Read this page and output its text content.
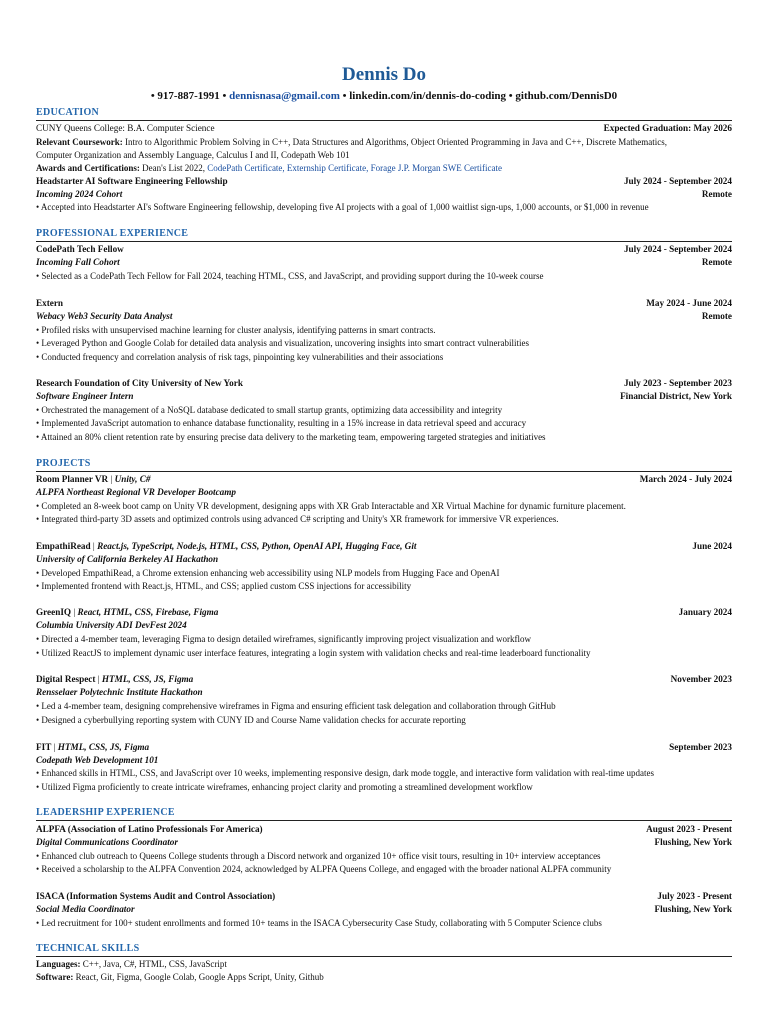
Dennis Do
• 917-887-1991 • dennisnasa@gmail.com • linkedin.com/in/dennis-do-coding • github.com/DennisD0
EDUCATION
CUNY Queens College: B.A. Computer Science	Expected Graduation: May 2026
Relevant Coursework: Intro to Algorithmic Problem Solving in C++, Data Structures and Algorithms, Object Oriented Programming in Java and C++, Discrete Mathematics,
Computer Organization and Assembly Language, Calculus I and II, Codepath Web 101
Awards and Certifications: Dean's List 2022, CodePath Certificate, Externship Certificate, Forage J.P. Morgan SWE Certificate
Headstarter AI Software Engineering Fellowship	July 2024 - September 2024
Incoming 2024 Cohort	Remote
• Accepted into Headstarter AI's Software Engineering fellowship, developing five AI projects with a goal of 1,000 waitlist sign-ups, 1,000 accounts, or $1,000 in revenue
PROFESSIONAL EXPERIENCE
CodePath Tech Fellow	July 2024 - September 2024
Incoming Fall Cohort	Remote
• Selected as a CodePath Tech Fellow for Fall 2024, teaching HTML, CSS, and JavaScript, and providing support during the 10-week course
Extern	May 2024 - June 2024
Webacy Web3 Security Data Analyst	Remote
• Profiled risks with unsupervised machine learning for cluster analysis, identifying patterns in smart contracts.
• Leveraged Python and Google Colab for detailed data analysis and visualization, uncovering insights into smart contract vulnerabilities
• Conducted frequency and correlation analysis of risk tags, pinpointing key vulnerabilities and their associations
Research Foundation of City University of New York	July 2023 - September 2023
Software Engineer Intern	Financial District, New York
• Orchestrated the management of a NoSQL database dedicated to small startup grants, optimizing data accessibility and integrity
• Implemented JavaScript automation to enhance database functionality, resulting in a 15% increase in data retrieval speed and accuracy
• Attained an 80% client retention rate by ensuring precise data delivery to the marketing team, empowering targeted strategies and initiatives
PROJECTS
Room Planner VR | Unity, C#	March 2024 - July 2024
ALPFA Northeast Regional VR Developer Bootcamp
• Completed an 8-week boot camp on Unity VR development, designing apps with XR Grab Interactable and XR Virtual Machine for dynamic furniture placement.
• Integrated third-party 3D assets and optimized controls using advanced C# scripting and Unity's XR framework for immersive VR experiences.
EmpathiRead | React.js, TypeScript, Node.js, HTML, CSS, Python, OpenAI API, Hugging Face, Git	June 2024
University of California Berkeley AI Hackathon
• Developed EmpathiRead, a Chrome extension enhancing web accessibility using NLP models from Hugging Face and OpenAI
• Implemented frontend with React.js, HTML, and CSS; applied custom CSS injections for accessibility
GreenIQ | React, HTML, CSS, Firebase, Figma	January 2024
Columbia University ADI DevFest 2024
• Directed a 4-member team, leveraging Figma to design detailed wireframes, significantly improving project visualization and workflow
• Utilized ReactJS to implement dynamic user interface features, integrating a login system with validation checks and real-time leaderboard functionality
Digital Respect | HTML, CSS, JS, Figma	November 2023
Rensselaer Polytechnic Institute Hackathon
• Led a 4-member team, designing comprehensive wireframes in Figma and ensuring efficient task delegation and collaboration through GitHub
• Designed a cyberbullying reporting system with CUNY ID and Course Name validation checks for accurate reporting
FIT | HTML, CSS, JS, Figma	September 2023
Codepath Web Development 101
• Enhanced skills in HTML, CSS, and JavaScript over 10 weeks, implementing responsive design, dark mode toggle, and interactive form validation with real-time updates
• Utilized Figma proficiently to create intricate wireframes, enhancing project clarity and promoting a streamlined development workflow
LEADERSHIP EXPERIENCE
ALPFA (Association of Latino Professionals For America)	August 2023 - Present
Digital Communications Coordinator	Flushing, New York
• Enhanced club outreach to Queens College students through a Discord network and organized 10+ office visit tours, resulting in 10+ interview acceptances
• Received a scholarship to the ALPFA Convention 2024, acknowledged by ALPFA Queens College, and engaged with the broader national ALPFA community
ISACA (Information Systems Audit and Control Association)	July 2023 - Present
Social Media Coordinator	Flushing, New York
• Led recruitment for 100+ student enrollments and formed 10+ teams in the ISACA Cybersecurity Case Study, collaborating with 5 Computer Science clubs
TECHNICAL SKILLS
Languages: C++, Java, C#, HTML, CSS, JavaScript
Software: React, Git, Figma, Google Colab, Google Apps Script, Unity, Github
